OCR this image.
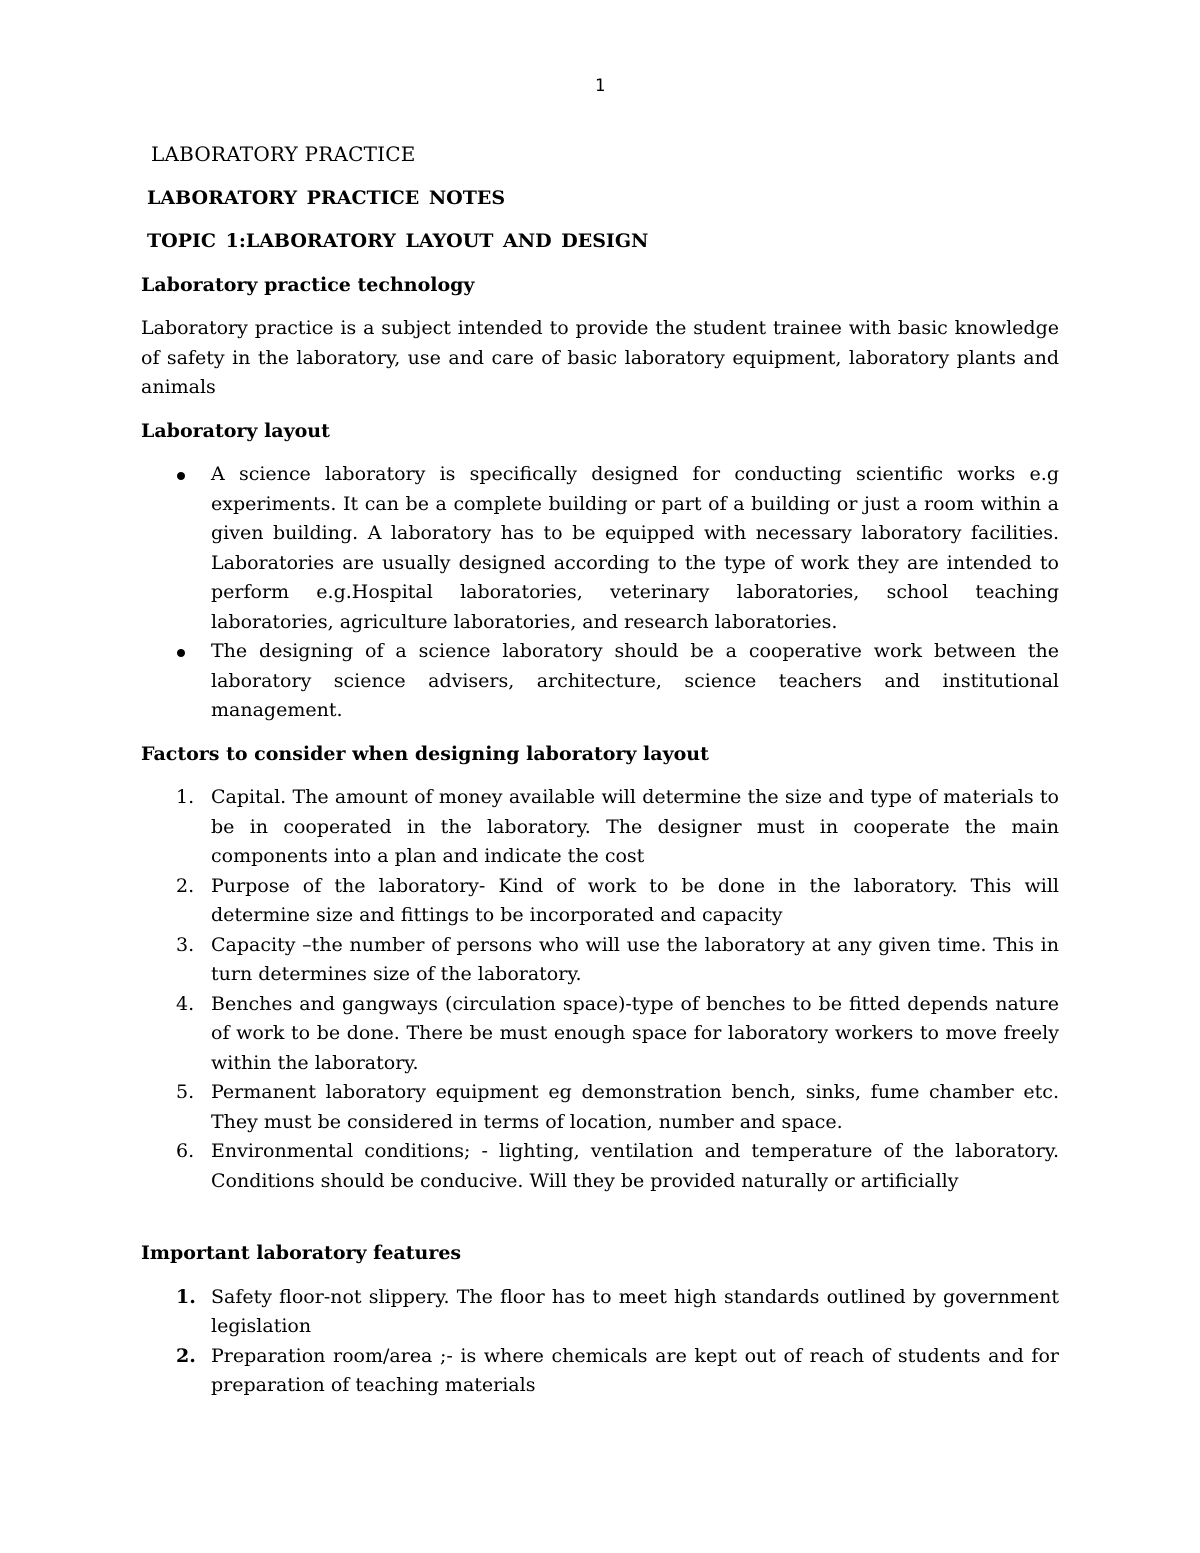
1
LABORATORY PRACTICE
LABORATORY PRACTICE NOTES
TOPIC 1:LABORATORY LAYOUT AND DESIGN
Laboratory practice technology

Laboratory practice is a subject intended to provide the student trainee with basic knowledge of safety in the laboratory, use and care of basic laboratory equipment, laboratory plants and animals

Laboratory layout
A science laboratory is specifically designed for conducting scientific works e.g experiments. It can be a complete building or part of a building or just a room within a given building. A laboratory has to be equipped with necessary laboratory facilities. Laboratories are usually designed according to the type of work they are intended to perform e.g.Hospital laboratories, veterinary laboratories, school teaching laboratories, agriculture laboratories, and research laboratories.
The designing of a science laboratory should be a cooperative work between the laboratory science advisers, architecture, science teachers and institutional management.
Factors to consider when designing laboratory layout
1. Capital. The amount of money available will determine the size and type of materials to be in cooperated in the laboratory. The designer must in cooperate the main components into a plan and indicate the cost
2. Purpose of the laboratory- Kind of work to be done in the laboratory. This will determine size and fittings to be incorporated and capacity
3. Capacity –the number of persons who will use the laboratory at any given time. This in turn determines size of the laboratory.
4. Benches and gangways (circulation space)-type of benches to be fitted depends nature of work to be done. There be must enough space for laboratory workers to move freely within the laboratory.
5. Permanent laboratory equipment eg demonstration bench, sinks, fume chamber etc. They must be considered in terms of location, number and space.
6. Environmental conditions; - lighting, ventilation and temperature of the laboratory. Conditions should be conducive. Will they be provided naturally or artificially
Important laboratory features
1. Safety floor-not slippery. The floor has to meet high standards outlined by government legislation
2. Preparation room/area ;- is where chemicals are kept out of reach of students and for preparation of teaching materials
